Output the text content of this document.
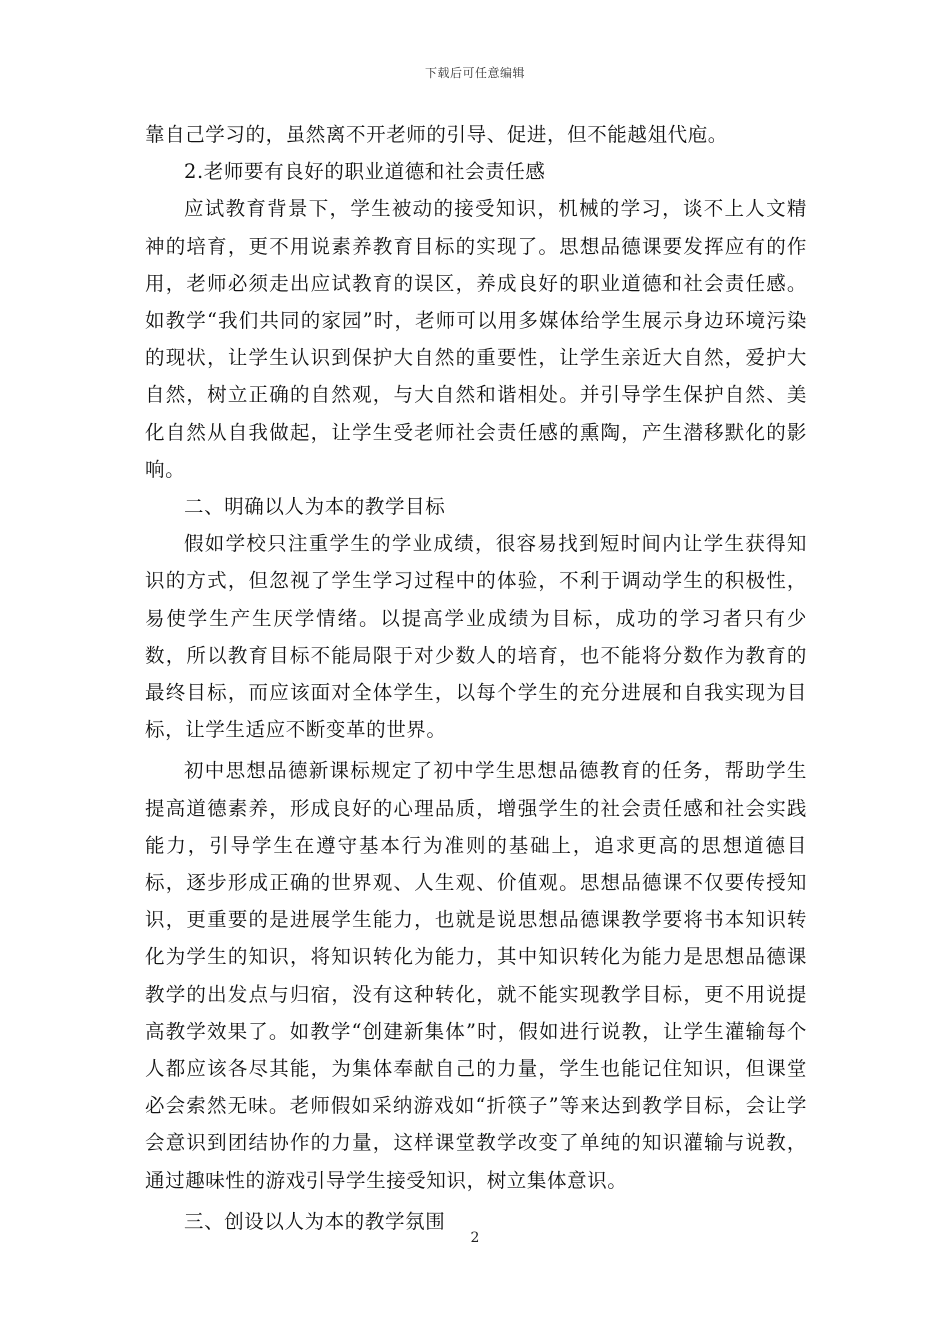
下载后可任意编辑

靠自己学习的，虽然离不开老师的引导、促进，但不能越俎代庖。

2.老师要有良好的职业道德和社会责任感

应试教育背景下，学生被动的接受知识，机械的学习，谈不上人文精神的培育，更不用说素养教育目标的实现了。思想品德课要发挥应有的作用，老师必须走出应试教育的误区，养成良好的职业道德和社会责任感。如教学“我们共同的家园”时，老师可以用多媒体给学生展示身边环境污染的现状，让学生认识到保护大自然的重要性，让学生亲近大自然，爱护大自然，树立正确的自然观，与大自然和谐相处。并引导学生保护自然、美化自然从自我做起，让学生受老师社会责任感的熏陶，产生潜移默化的影响。

二、明确以人为本的教学目标

假如学校只注重学生的学业成绩，很容易找到短时间内让学生获得知识的方式，但忽视了学生学习过程中的体验，不利于调动学生的积极性，易使学生产生厌学情绪。以提高学业成绩为目标，成功的学习者只有少数，所以教育目标不能局限于对少数人的培育，也不能将分数作为教育的最终目标，而应该面对全体学生，以每个学生的充分进展和自我实现为目标，让学生适应不断变革的世界。

初中思想品德新课标规定了初中学生思想品德教育的任务，帮助学生提高道德素养，形成良好的心理品质，增强学生的社会责任感和社会实践能力，引导学生在遵守基本行为准则的基础上，追求更高的思想道德目标，逐步形成正确的世界观、人生观、价值观。思想品德课不仅要传授知识，更重要的是进展学生能力，也就是说思想品德课教学要将书本知识转化为学生的知识，将知识转化为能力，其中知识转化为能力是思想品德课教学的出发点与归宿，没有这种转化，就不能实现教学目标，更不用说提高教学效果了。如教学“创建新集体”时，假如进行说教，让学生灌输每个人都应该各尽其能，为集体奉献自己的力量，学生也能记住知识，但课堂必会索然无味。老师假如采纳游戏如“折筷子”等来达到教学目标，会让学会意识到团结协作的力量，这样课堂教学改变了单纯的知识灌输与说教，通过趣味性的游戏引导学生接受知识，树立集体意识。

三、创设以人为本的教学氛围

2
